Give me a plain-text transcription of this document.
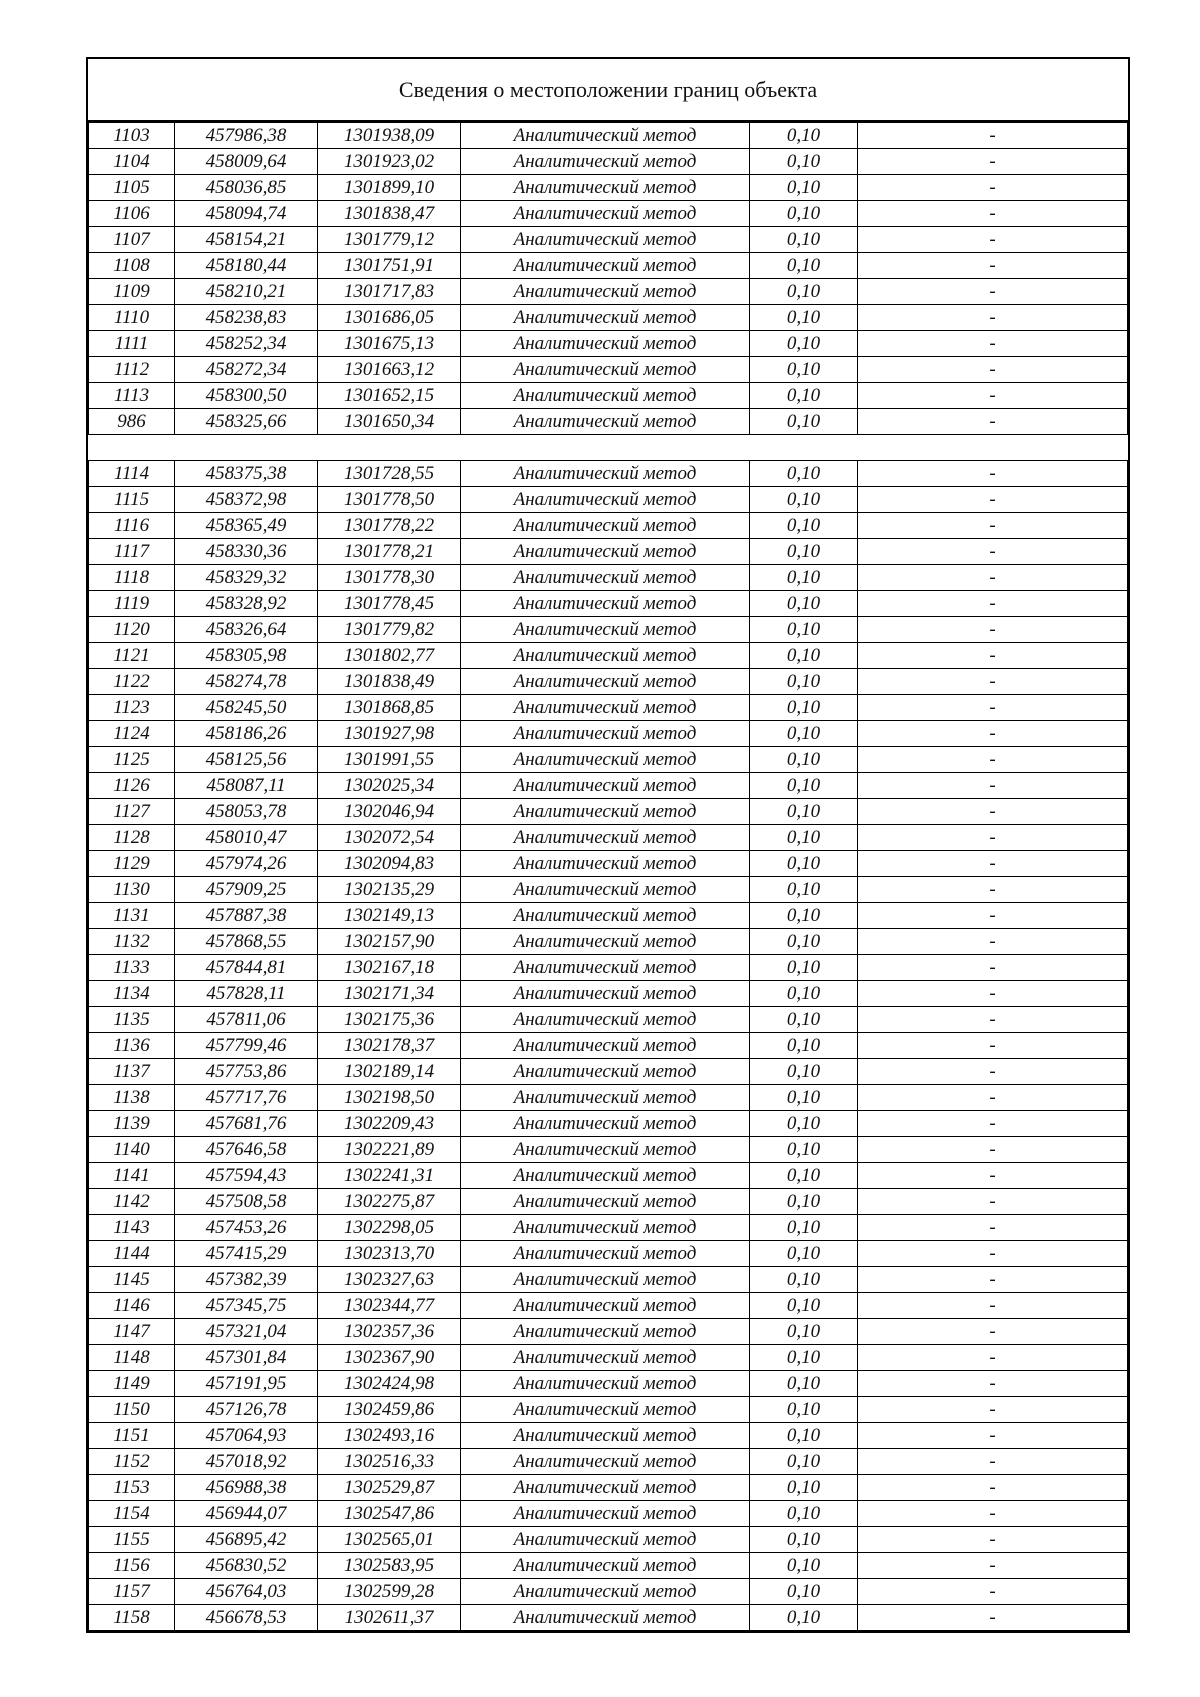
Сведения о местоположении границ объекта
1103	457986,38	1301938,09	Аналитический метод	0,10	-
1104	458009,64	1301923,02	Аналитический метод	0,10	-
1105	458036,85	1301899,10	Аналитический метод	0,10	-
1106	458094,74	1301838,47	Аналитический метод	0,10	-
1107	458154,21	1301779,12	Аналитический метод	0,10	-
1108	458180,44	1301751,91	Аналитический метод	0,10	-
1109	458210,21	1301717,83	Аналитический метод	0,10	-
1110	458238,83	1301686,05	Аналитический метод	0,10	-
1111	458252,34	1301675,13	Аналитический метод	0,10	-
1112	458272,34	1301663,12	Аналитический метод	0,10	-
1113	458300,50	1301652,15	Аналитический метод	0,10	-
986	458325,66	1301650,34	Аналитический метод	0,10	-

1114	458375,38	1301728,55	Аналитический метод	0,10	-
1115	458372,98	1301778,50	Аналитический метод	0,10	-
1116	458365,49	1301778,22	Аналитический метод	0,10	-
1117	458330,36	1301778,21	Аналитический метод	0,10	-
1118	458329,32	1301778,30	Аналитический метод	0,10	-
1119	458328,92	1301778,45	Аналитический метод	0,10	-
1120	458326,64	1301779,82	Аналитический метод	0,10	-
1121	458305,98	1301802,77	Аналитический метод	0,10	-
1122	458274,78	1301838,49	Аналитический метод	0,10	-
1123	458245,50	1301868,85	Аналитический метод	0,10	-
1124	458186,26	1301927,98	Аналитический метод	0,10	-
1125	458125,56	1301991,55	Аналитический метод	0,10	-
1126	458087,11	1302025,34	Аналитический метод	0,10	-
1127	458053,78	1302046,94	Аналитический метод	0,10	-
1128	458010,47	1302072,54	Аналитический метод	0,10	-
1129	457974,26	1302094,83	Аналитический метод	0,10	-
1130	457909,25	1302135,29	Аналитический метод	0,10	-
1131	457887,38	1302149,13	Аналитический метод	0,10	-
1132	457868,55	1302157,90	Аналитический метод	0,10	-
1133	457844,81	1302167,18	Аналитический метод	0,10	-
1134	457828,11	1302171,34	Аналитический метод	0,10	-
1135	457811,06	1302175,36	Аналитический метод	0,10	-
1136	457799,46	1302178,37	Аналитический метод	0,10	-
1137	457753,86	1302189,14	Аналитический метод	0,10	-
1138	457717,76	1302198,50	Аналитический метод	0,10	-
1139	457681,76	1302209,43	Аналитический метод	0,10	-
1140	457646,58	1302221,89	Аналитический метод	0,10	-
1141	457594,43	1302241,31	Аналитический метод	0,10	-
1142	457508,58	1302275,87	Аналитический метод	0,10	-
1143	457453,26	1302298,05	Аналитический метод	0,10	-
1144	457415,29	1302313,70	Аналитический метод	0,10	-
1145	457382,39	1302327,63	Аналитический метод	0,10	-
1146	457345,75	1302344,77	Аналитический метод	0,10	-
1147	457321,04	1302357,36	Аналитический метод	0,10	-
1148	457301,84	1302367,90	Аналитический метод	0,10	-
1149	457191,95	1302424,98	Аналитический метод	0,10	-
1150	457126,78	1302459,86	Аналитический метод	0,10	-
1151	457064,93	1302493,16	Аналитический метод	0,10	-
1152	457018,92	1302516,33	Аналитический метод	0,10	-
1153	456988,38	1302529,87	Аналитический метод	0,10	-
1154	456944,07	1302547,86	Аналитический метод	0,10	-
1155	456895,42	1302565,01	Аналитический метод	0,10	-
1156	456830,52	1302583,95	Аналитический метод	0,10	-
1157	456764,03	1302599,28	Аналитический метод	0,10	-
1158	456678,53	1302611,37	Аналитический метод	0,10	-
